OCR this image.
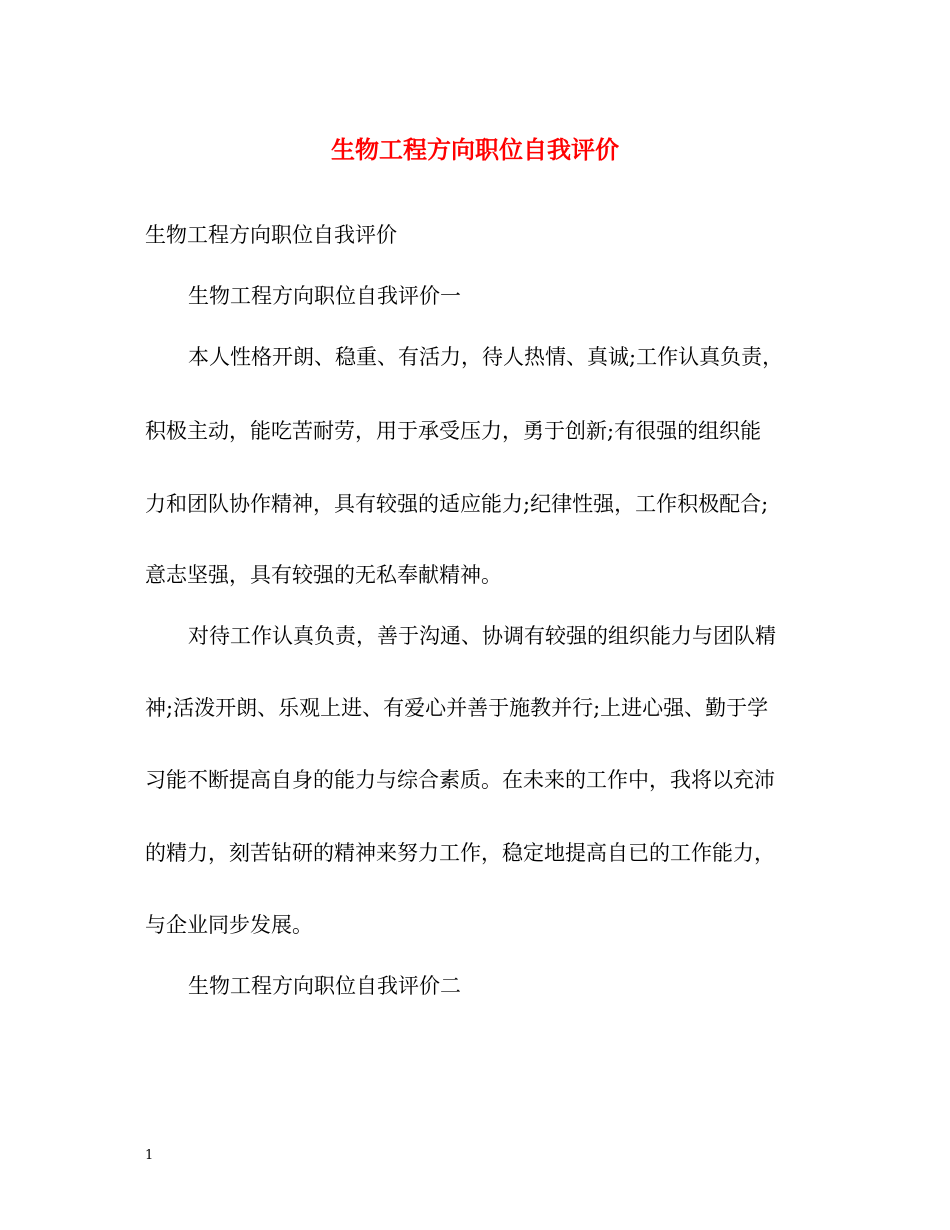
生物工程方向职位自我评价

生物工程方向职位自我评价

生物工程方向职位自我评价一

本人性格开朗、稳重、有活力，待人热情、真诚;工作认真负责，

积极主动，能吃苦耐劳，用于承受压力，勇于创新;有很强的组织能

力和团队协作精神，具有较强的适应能力;纪律性强，工作积极配合;

意志坚强，具有较强的无私奉献精神。

对待工作认真负责，善于沟通、协调有较强的组织能力与团队精

神;活泼开朗、乐观上进、有爱心并善于施教并行;上进心强、勤于学

习能不断提高自身的能力与综合素质。在未来的工作中，我将以充沛

的精力，刻苦钻研的精神来努力工作，稳定地提高自已的工作能力，

与企业同步发展。

生物工程方向职位自我评价二

1
